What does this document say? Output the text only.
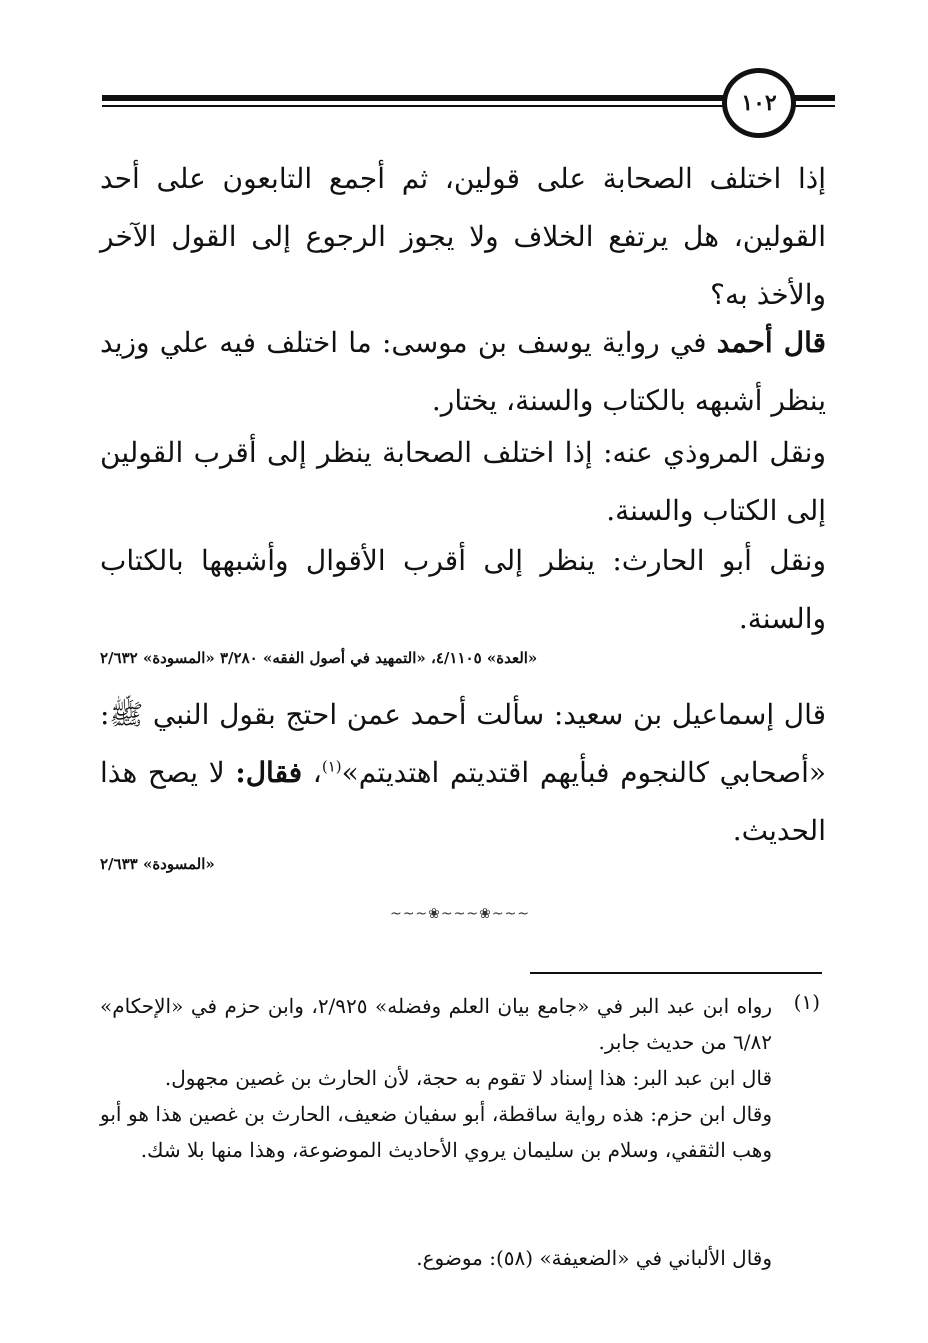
١٠٢
إذا اختلف الصحابة على قولين، ثم أجمع التابعون على أحد القولين، هل يرتفع الخلاف ولا يجوز الرجوع إلى القول الآخر والأخذ به؟
قال أحمد في رواية يوسف بن موسى: ما اختلف فيه علي وزيد ينظر أشبهه بالكتاب والسنة، يختار.
ونقل المروذي عنه: إذا اختلف الصحابة ينظر إلى أقرب القولين إلى الكتاب والسنة.
ونقل أبو الحارث: ينظر إلى أقرب الأقوال وأشبهها بالكتاب والسنة.
«العدة» ٤/١١٠٥، «التمهيد في أصول الفقه» ٣/٢٨٠ «المسودة» ٢/٦٣٢
قال إسماعيل بن سعيد: سألت أحمد عمن احتج بقول النبي ﷺ: «أصحابي كالنجوم فبأيهم اقتديتم اهتديتم»$^{(١)}$، فقال: لا يصح هذا الحديث.
«المسودة» ٢/٦٣٣
~~~❀~~~❀~~~
(١)
رواه ابن عبد البر في «جامع بيان العلم وفضله» ٢/٩٢٥، وابن حزم في «الإحكام» ٦/٨٢ من حديث جابر.
قال ابن عبد البر: هذا إسناد لا تقوم به حجة، لأن الحارث بن غصين مجهول.
وقال ابن حزم: هذه رواية ساقطة، أبو سفيان ضعيف، الحارث بن غصين هذا هو أبو وهب الثقفي، وسلام بن سليمان يروي الأحاديث الموضوعة، وهذا منها بلا شك.
وقال الألباني في «الضعيفة» (٥٨): موضوع.
